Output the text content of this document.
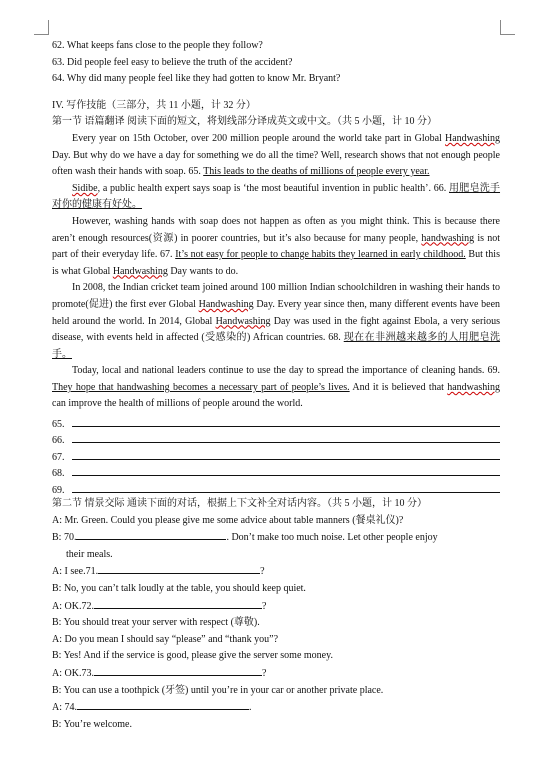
62. What keeps fans close to the people they follow?
63. Did people feel easy to believe the truth of the accident?
64. Why did many people feel like they had gotten to know Mr. Bryant?
IV. 写作技能（三部分，共 11 小题，计 32 分）
第一节 语篇翻译 阅读下面的短文，将划线部分译成英文或中文。（共 5 小题，计 10 分）
Every year on 15th October, over 200 million people around the world take part in Global Handwashing Day. But why do we have a day for something we do all the time? Well, research shows that not enough people often wash their hands with soap. 65. This leads to the deaths of millions of people every year.
Sidibe, a public health expert says soap is ‘the most beautiful invention in public health’. 66. 用肥皂洗手对你的健康有好处。
However, washing hands with soap does not happen as often as you might think. This is because there aren’t enough resources(资源) in poorer countries, but it’s also because for many people, handwashing is not part of their everyday life. 67. It’s not easy for people to change habits they learned in early childhood. But this is what Global Handwashing Day wants to do.
In 2008, the Indian cricket team joined around 100 million Indian schoolchildren in washing their hands to promote(促进) the first ever Global Handwashing Day. Every year since then, many different events have been held around the world. In 2014, Global Handwashing Day was used in the fight against Ebola, a very serious disease, with events held in affected (受感染的) African countries. 68. 现在在非洲越来越多的人用肥皂洗手。
Today, local and national leaders continue to use the day to spread the importance of cleaning hands. 69. They hope that handwashing becomes a necessary part of people’s lives. And it is believed that handwashing can improve the health of millions of people around the world.
65.
66.
67.
68.
69.
第二节 情景交际 通读下面的对话，根据上下文补全对话内容。（共 5 小题，计 10 分）
A: Mr. Green. Could you please give me some advice about table manners (餐桌礼仪)?
B: 70.	. Don’t make too much noise. Let other people enjoy
their meals.
A: I see.71.	?
B: No, you can’t talk loudly at the table, you should keep quiet.
A: OK.72.	?
B: You should treat your server with respect (尊敬).
A: Do you mean I should say “please” and “thank you”?
B: Yes! And if the service is good, please give the server some money.
A: OK.73.	?
B: You can use a toothpick (牙签) until you’re in your car or another private place.
A: 74.	.
B: You’re welcome.
